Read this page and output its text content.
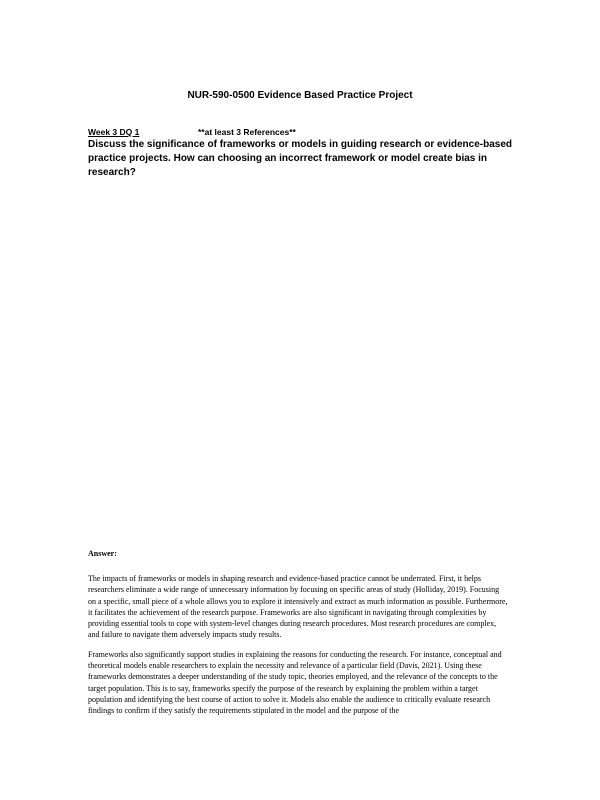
NUR-590-0500 Evidence Based Practice Project
Week 3 DQ 1	**at least 3 References**
Discuss the significance of frameworks or models in guiding research or evidence-based practice projects. How can choosing an incorrect framework or model create bias in research?
Answer:

The impacts of frameworks or models in shaping research and evidence-based practice cannot be underrated. First, it helps researchers eliminate a wide range of unnecessary information by focusing on specific areas of study (Holliday, 2019). Focusing on a specific, small piece of a whole allows you to explore it intensively and extract as much information as possible. Furthermore, it facilitates the achievement of the research purpose. Frameworks are also significant in navigating through complexities by providing essential tools to cope with system-level changes during research procedures. Most research procedures are complex, and failure to navigate them adversely impacts study results.

Frameworks also significantly support studies in explaining the reasons for conducting the research. For instance, conceptual and theoretical models enable researchers to explain the necessity and relevance of a particular field (Davis, 2021). Using these frameworks demonstrates a deeper understanding of the study topic, theories employed, and the relevance of the concepts to the target population. This is to say, frameworks specify the purpose of the research by explaining the problem within a target population and identifying the best course of action to solve it. Models also enable the audience to critically evaluate research findings to confirm if they satisfy the requirements stipulated in the model and the purpose of the
